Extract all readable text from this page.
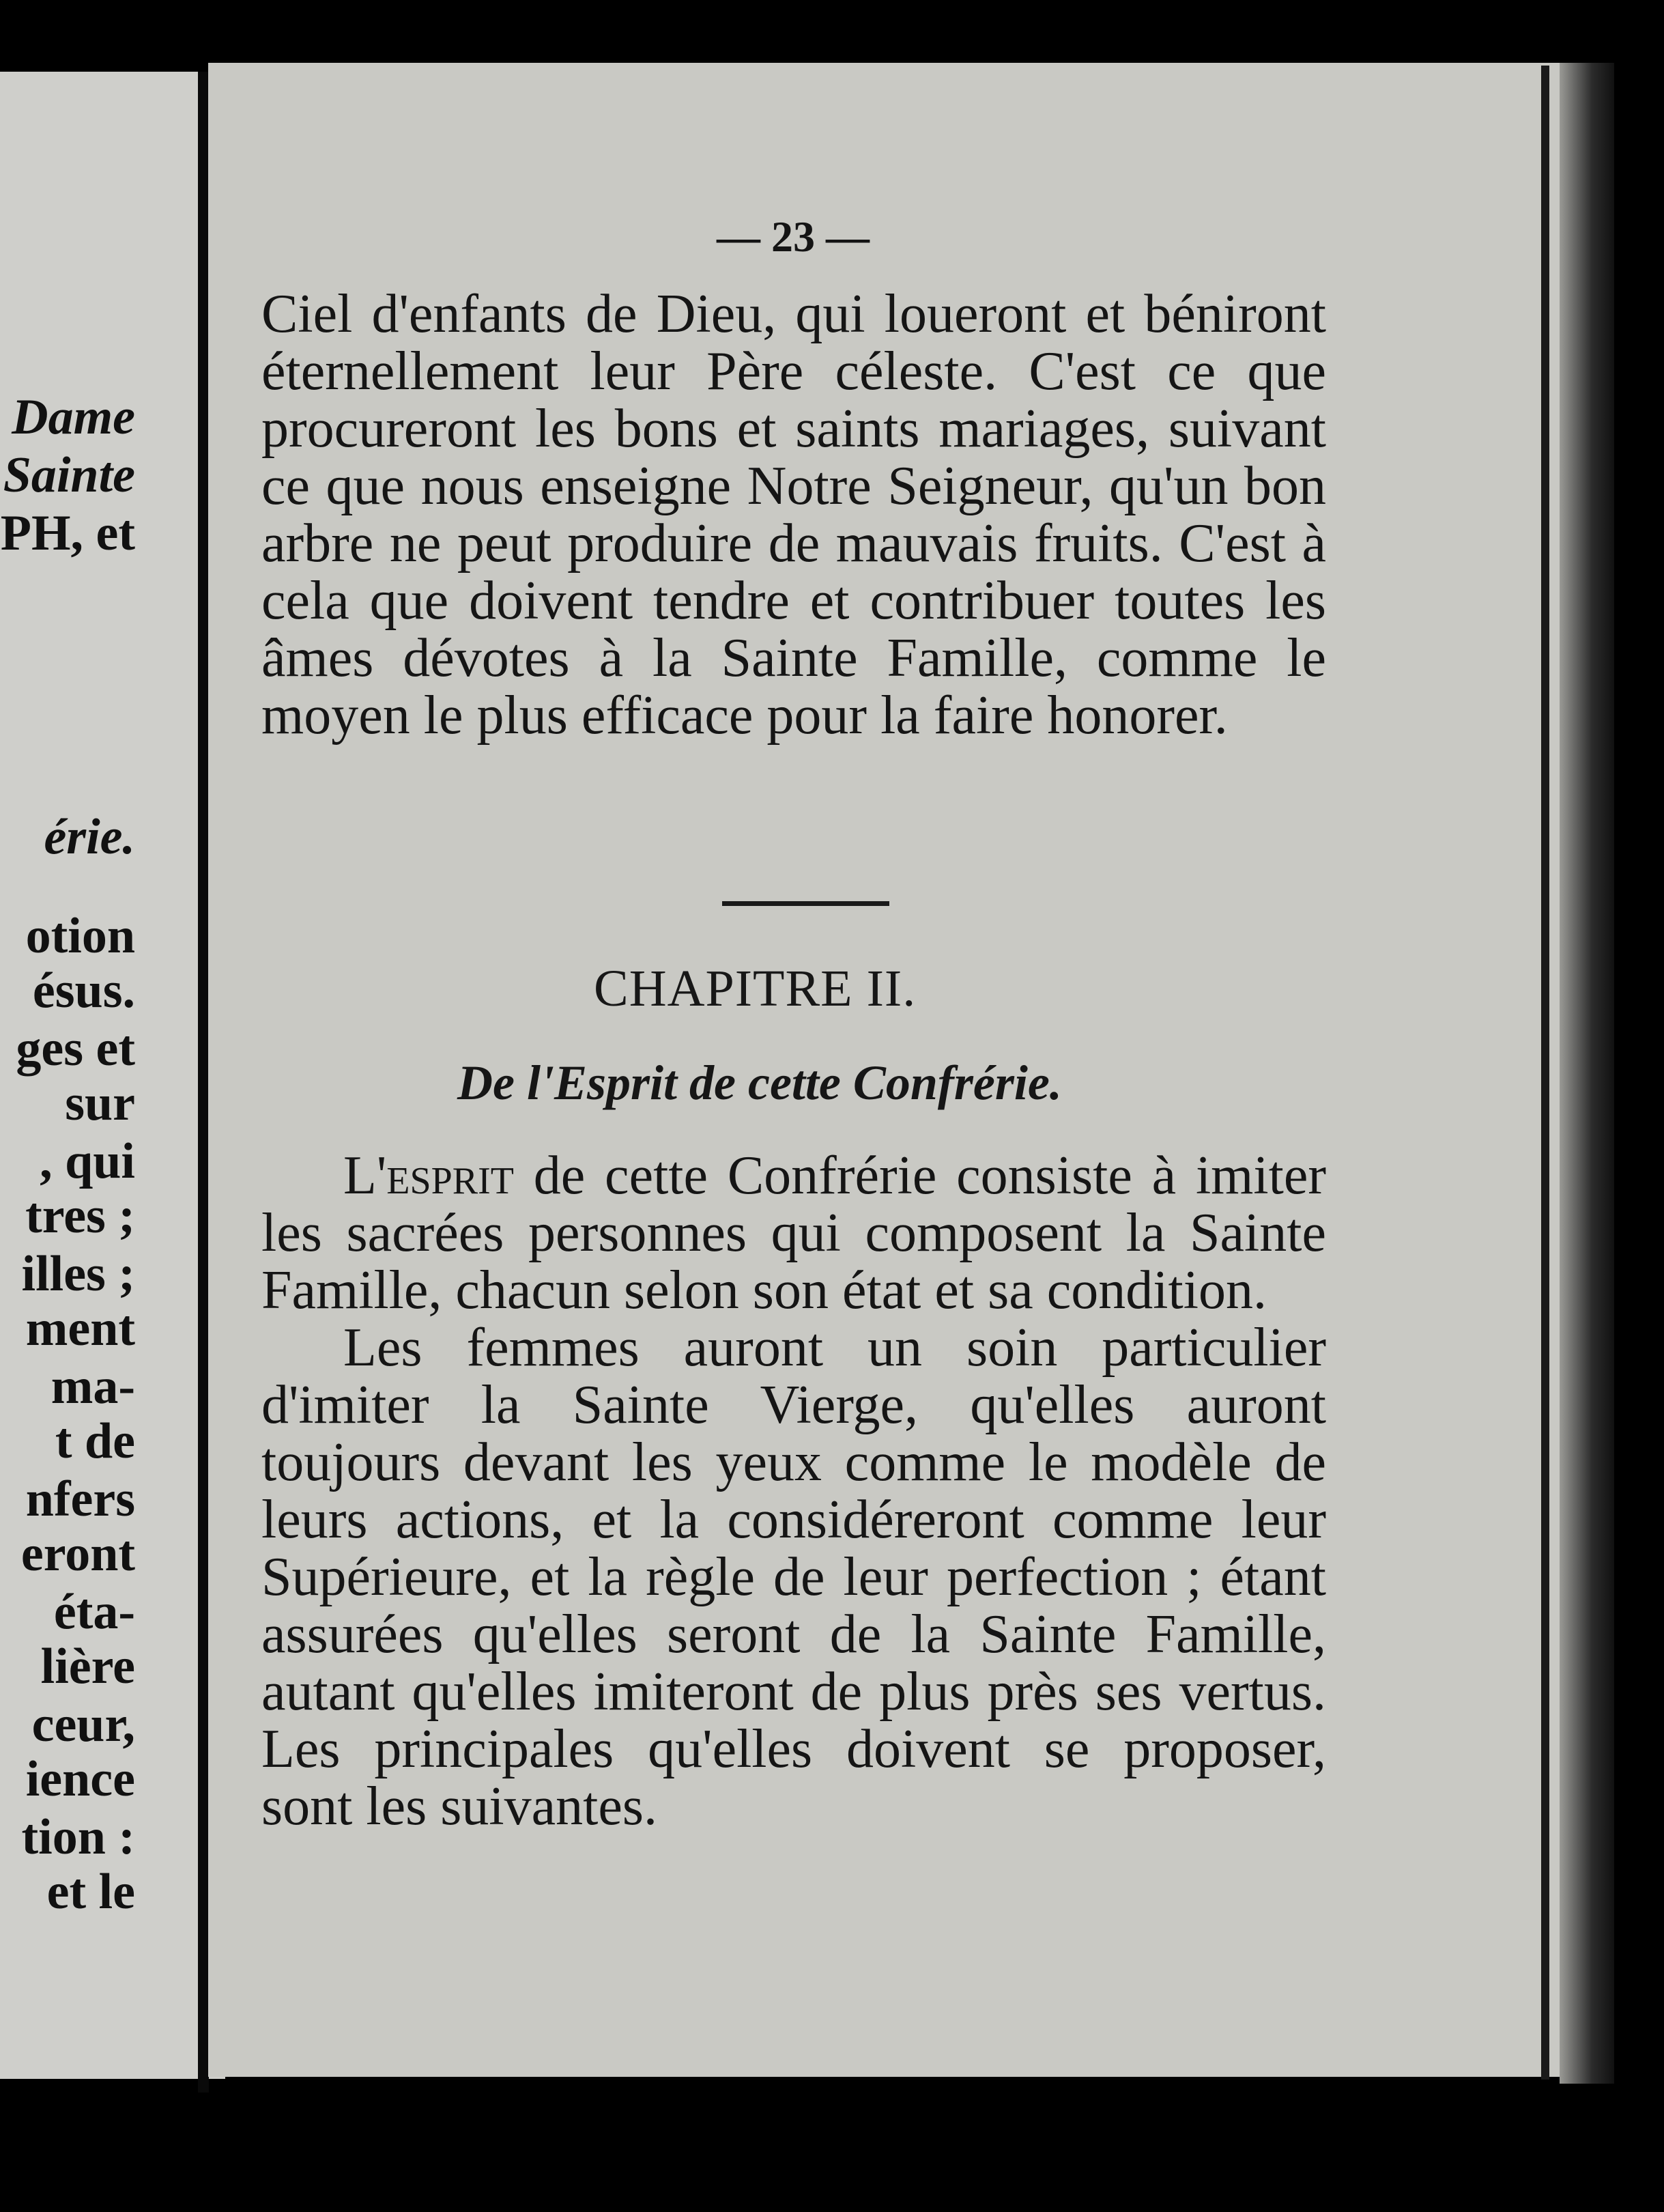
Dame
Sainte
PH, et
érie.
otion
ésus.
ges et
sur
, qui
tres ;
illes ;
ment
ma-
t de
nfers
eront
éta-
lière
ceur,
ience
tion :
et le
— 23 —

Ciel d'enfants de Dieu, qui loueront et béniront éternellement leur Père céleste. C'est ce que procureront les bons et saints mariages, suivant ce que nous enseigne Notre Seigneur, qu'un bon arbre ne peut produire de mauvais fruits. C'est à cela que doivent tendre et contribuer toutes les âmes dévotes à la Sainte Famille, comme le moyen le plus efficace pour la faire honorer.

CHAPITRE II.
De l'Esprit de cette Confrérie.

L'esprit de cette Confrérie consiste à imiter les sacrées personnes qui composent la Sainte Famille, chacun selon son état et sa condition.

Les femmes auront un soin particulier d'imiter la Sainte Vierge, qu'elles auront toujours devant les yeux comme le modèle de leurs actions, et la considéreront comme leur Supérieure, et la règle de leur perfection ; étant assurées qu'elles seront de la Sainte Famille, autant qu'elles imiteront de plus près ses vertus. Les principales qu'elles doivent se proposer, sont les suivantes.
